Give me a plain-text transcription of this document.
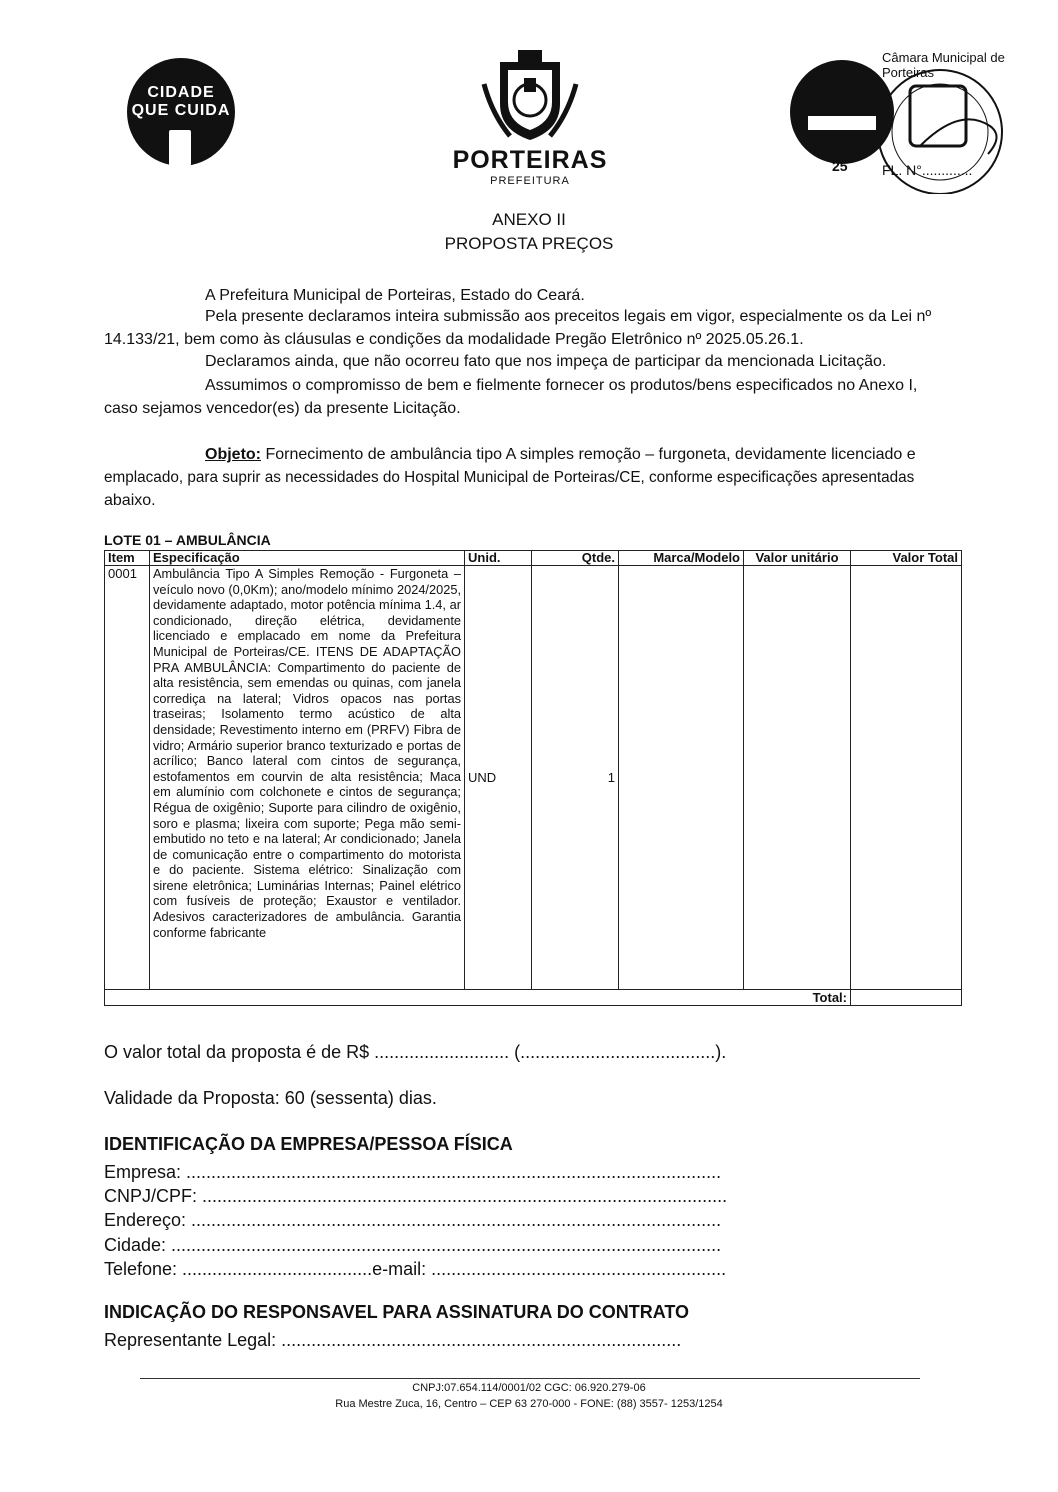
CIDADE
QUE CUIDA
PORTEIRAS
PREFEITURA
Câmara Municipal de Porteiras
25 FL. N°.............
ANEXO II
PROPOSTA PREÇOS
A Prefeitura Municipal de Porteiras, Estado do Ceará.
Pela presente declaramos inteira submissão aos preceitos legais em vigor, especialmente os da Lei nº
14.133/21, bem como às cláusulas e condições da modalidade Pregão Eletrônico nº 2025.05.26.1.
Declaramos ainda, que não ocorreu fato que nos impeça de participar da mencionada Licitação.
Assumimos o compromisso de bem e fielmente fornecer os produtos/bens especificados no Anexo I,
caso sejamos vencedor(es) da presente Licitação.
Objeto: Fornecimento de ambulância tipo A simples remoção – furgoneta, devidamente licenciado e
emplacado, para suprir as necessidades do Hospital Municipal de Porteiras/CE, conforme especificações apresentadas
abaixo.
LOTE 01 – AMBULÂNCIA
Item	Especificação	Unid.	Qtde.	Marca/Modelo	Valor unitário	Valor Total
0001	Ambulância Tipo A Simples Remoção - Furgoneta – veículo novo (0,0Km); ano/modelo mínimo 2024/2025, devidamente adaptado, motor potência mínima 1.4, ar condicionado, direção elétrica, devidamente licenciado e emplacado em nome da Prefeitura Municipal de Porteiras/CE. ITENS DE ADAPTAÇÃO PRA AMBULÂNCIA: Compartimento do paciente de alta resistência, sem emendas ou quinas, com janela corrediça na lateral; Vidros opacos nas portas traseiras; Isolamento termo acústico de alta densidade; Revestimento interno em (PRFV) Fibra de vidro; Armário superior branco texturizado e portas de acrílico; Banco lateral com cintos de segurança, estofamentos em courvin de alta resistência; Maca em alumínio com colchonete e cintos de segurança; Régua de oxigênio; Suporte para cilindro de oxigênio, soro e plasma; lixeira com suporte; Pega mão semi-embutido no teto e na lateral; Ar condicionado; Janela de comunicação entre o compartimento do motorista e do paciente. Sistema elétrico: Sinalização com sirene eletrônica; Luminárias Internas; Painel elétrico com fusíveis de proteção; Exaustor e ventilador. Adesivos caracterizadores de ambulância. Garantia conforme fabricante	UND	1			
Total:						
O valor total da proposta é de R$ ........................... (.......................................).
Validade da Proposta: 60 (sessenta) dias.
IDENTIFICAÇÃO DA EMPRESA/PESSOA FÍSICA
Empresa: ...........................................................................................................
CNPJ/CPF: .........................................................................................................
Endereço: ..........................................................................................................
Cidade: ..............................................................................................................
Telefone: ......................................e-mail: ...........................................................
INDICAÇÃO DO RESPONSAVEL PARA ASSINATURA DO CONTRATO
Representante Legal: ................................................................................
CNPJ:07.654.114/0001/02 CGC: 06.920.279-06
Rua Mestre Zuca, 16, Centro – CEP 63 270-000 - FONE: (88) 3557- 1253/1254
